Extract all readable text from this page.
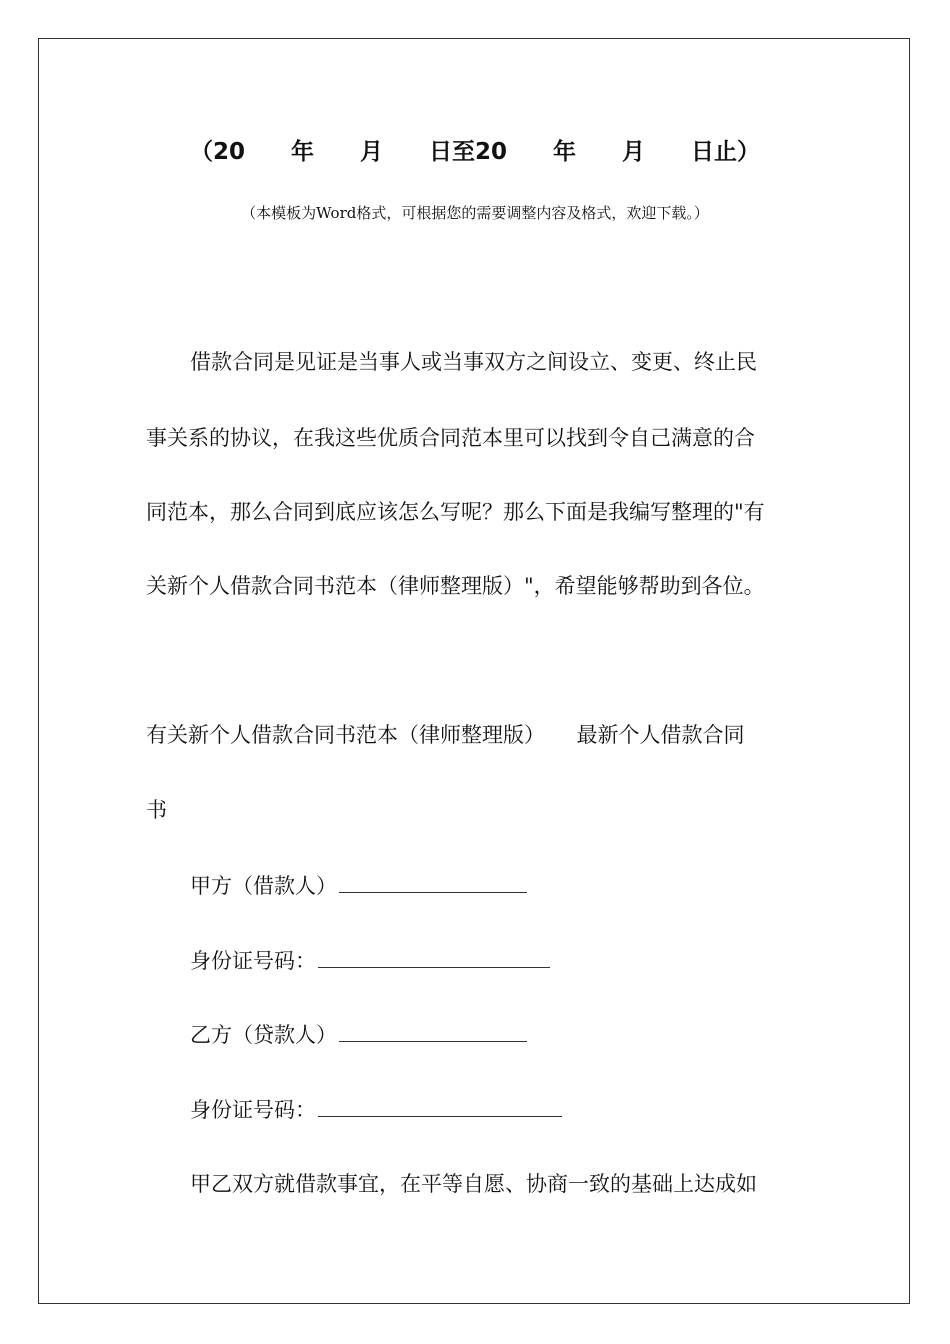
（20　　年　　月　　日至20　　年　　月　　日止）
（本模板为Word格式，可根据您的需要调整内容及格式，欢迎下载。）
借款合同是见证是当事人或当事双方之间设立、变更、终止民
事关系的协议，在我这些优质合同范本里可以找到令自己满意的合
同范本，那么合同到底应该怎么写呢？那么下面是我编写整理的"有
关新个人借款合同书范本（律师整理版）"，希望能够帮助到各位。
有关新个人借款合同书范本（律师整理版）　　最新个人借款合同
书
甲方（借款人）
身份证号码：
乙方（贷款人）
身份证号码：
甲乙双方就借款事宜，在平等自愿、协商一致的基础上达成如
